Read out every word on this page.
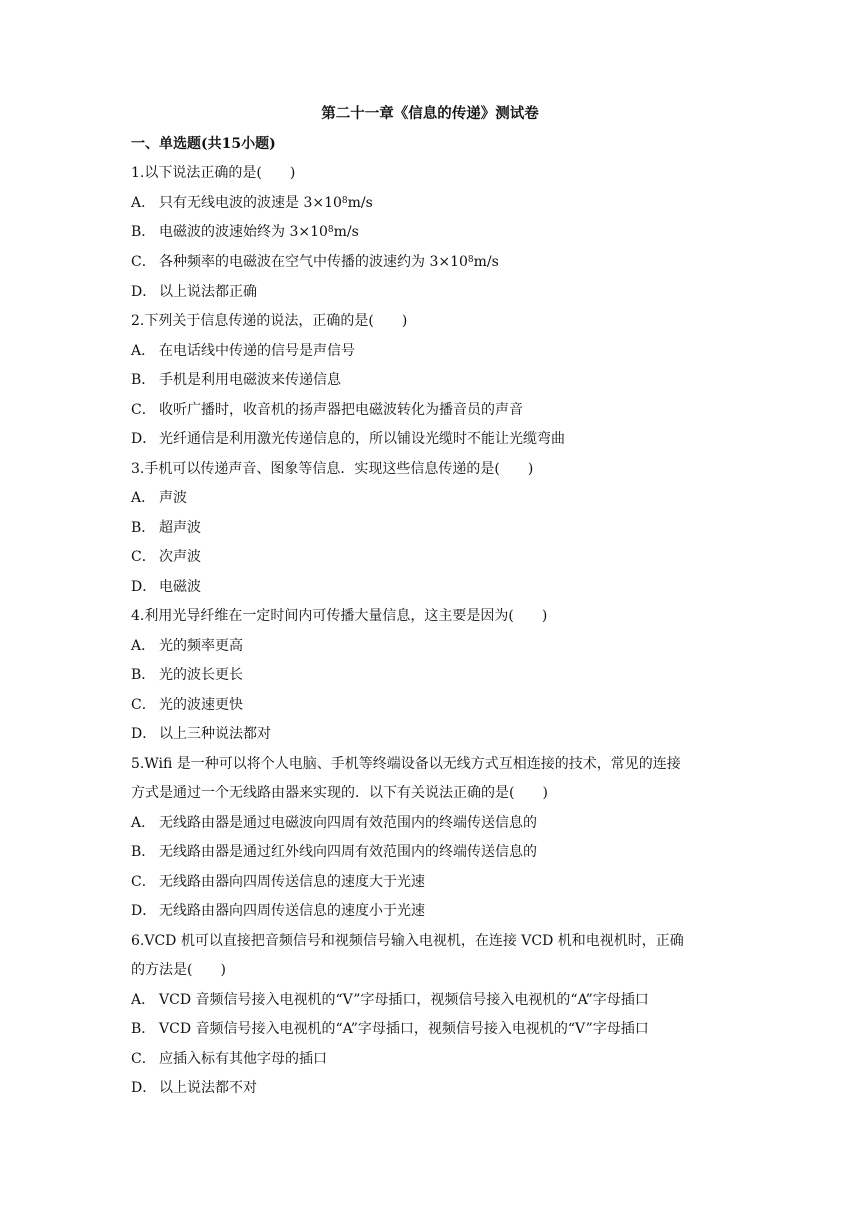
第二十一章《信息的传递》测试卷
一、单选题(共15小题)
1.以下说法正确的是(　　)
A． 只有无线电波的波速是 $3\times 10^8m/s$
B． 电磁波的波速始终为 $3\times 10^8m/s$
C． 各种频率的电磁波在空气中传播的波速约为 $3\times 10^8m/s$
D． 以上说法都正确
2.下列关于信息传递的说法，正确的是(　　)
A． 在电话线中传递的信号是声信号
B． 手机是利用电磁波来传递信息
C． 收听广播时，收音机的扬声器把电磁波转化为播音员的声音
D． 光纤通信是利用激光传递信息的，所以铺设光缆时不能让光缆弯曲
3.手机可以传递声音、图象等信息．实现这些信息传递的是(　　)
A． 声波
B． 超声波
C． 次声波
D． 电磁波
4.利用光导纤维在一定时间内可传播大量信息，这主要是因为(　　)
A． 光的频率更高
B． 光的波长更长
C． 光的波速更快
D． 以上三种说法都对
5.Wifi 是一种可以将个人电脑、手机等终端设备以无线方式互相连接的技术，常见的连接
方式是通过一个无线路由器来实现的．以下有关说法正确的是(　　)
A． 无线路由器是通过电磁波向四周有效范围内的终端传送信息的
B． 无线路由器是通过红外线向四周有效范围内的终端传送信息的
C． 无线路由器向四周传送信息的速度大于光速
D． 无线路由器向四周传送信息的速度小于光速
6.VCD 机可以直接把音频信号和视频信号输入电视机，在连接 VCD 机和电视机时，正确
的方法是(　　)
A． VCD 音频信号接入电视机的“V”字母插口，视频信号接入电视机的“A”字母插口
B． VCD 音频信号接入电视机的“A”字母插口，视频信号接入电视机的“V”字母插口
C． 应插入标有其他字母的插口
D． 以上说法都不对
